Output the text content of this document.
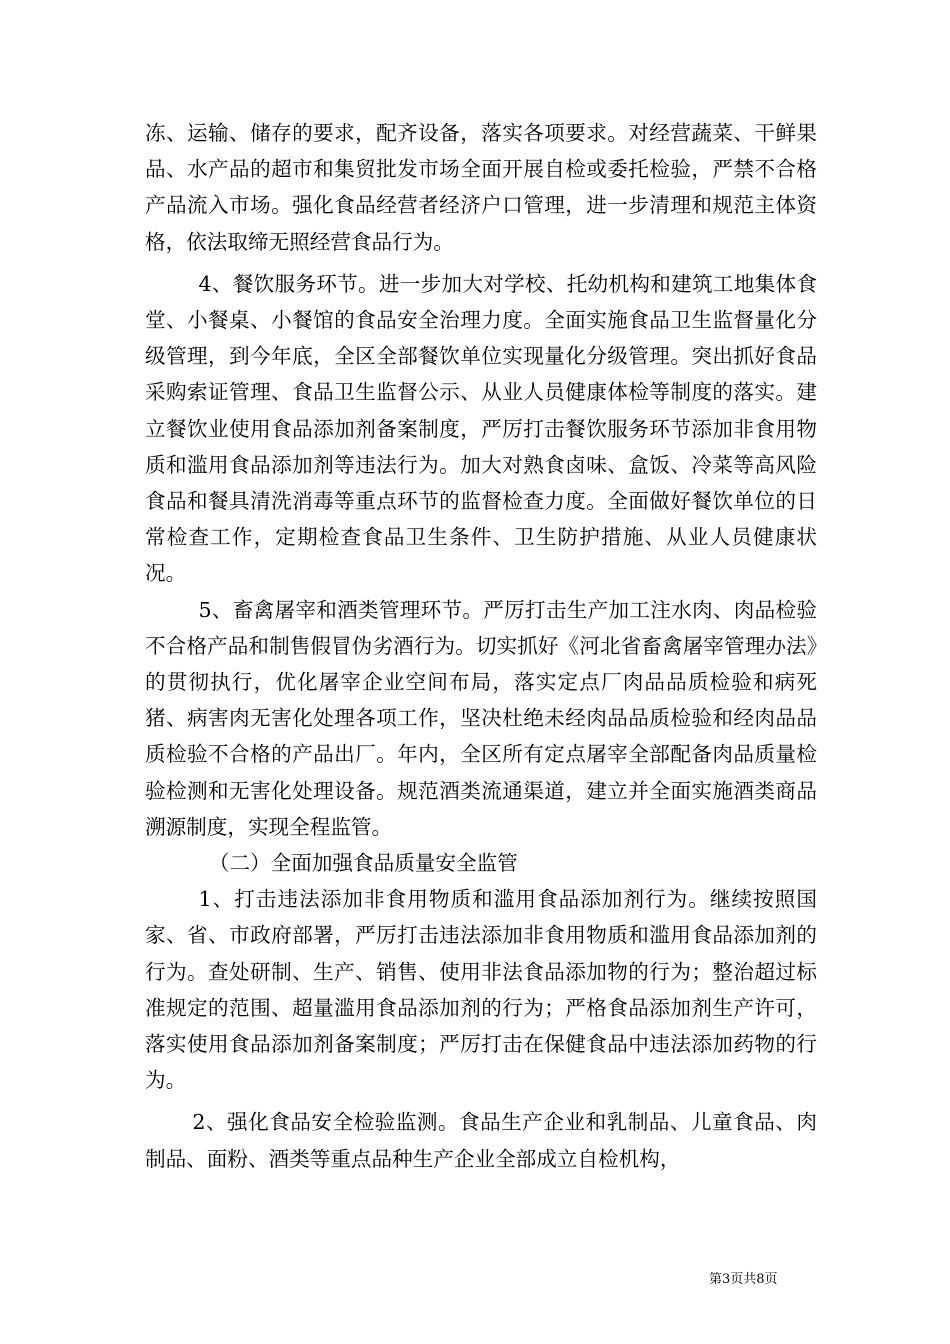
冻、运输、储存的要求，配齐设备，落实各项要求。对经营蔬菜、干鲜果品、水产品的超市和集贸批发市场全面开展自检或委托检验，严禁不合格产品流入市场。强化食品经营者经济户口管理，进一步清理和规范主体资格，依法取缔无照经营食品行为。

4、餐饮服务环节。进一步加大对学校、托幼机构和建筑工地集体食堂、小餐桌、小餐馆的食品安全治理力度。全面实施食品卫生监督量化分级管理，到今年底，全区全部餐饮单位实现量化分级管理。突出抓好食品采购索证管理、食品卫生监督公示、从业人员健康体检等制度的落实。建立餐饮业使用食品添加剂备案制度，严厉打击餐饮服务环节添加非食用物质和滥用食品添加剂等违法行为。加大对熟食卤味、盒饭、冷菜等高风险食品和餐具清洗消毒等重点环节的监督检查力度。全面做好餐饮单位的日常检查工作，定期检查食品卫生条件、卫生防护措施、从业人员健康状况。

5、畜禽屠宰和酒类管理环节。严厉打击生产加工注水肉、肉品检验不合格产品和制售假冒伪劣酒行为。切实抓好《河北省畜禽屠宰管理办法》的贯彻执行，优化屠宰企业空间布局，落实定点厂肉品品质检验和病死猪、病害肉无害化处理各项工作，坚决杜绝未经肉品品质检验和经肉品品质检验不合格的产品出厂。年内，全区所有定点屠宰全部配备肉品质量检验检测和无害化处理设备。规范酒类流通渠道，建立并全面实施酒类商品溯源制度，实现全程监管。

（二）全面加强食品质量安全监管

1、打击违法添加非食用物质和滥用食品添加剂行为。继续按照国家、省、市政府部署，严厉打击违法添加非食用物质和滥用食品添加剂的行为。查处研制、生产、销售、使用非法食品添加物的行为；整治超过标准规定的范围、超量滥用食品添加剂的行为；严格食品添加剂生产许可，落实使用食品添加剂备案制度；严厉打击在保健食品中违法添加药物的行为。

2、强化食品安全检验监测。食品生产企业和乳制品、儿童食品、肉制品、面粉、酒类等重点品种生产企业全部成立自检机构，

第3页共8页
